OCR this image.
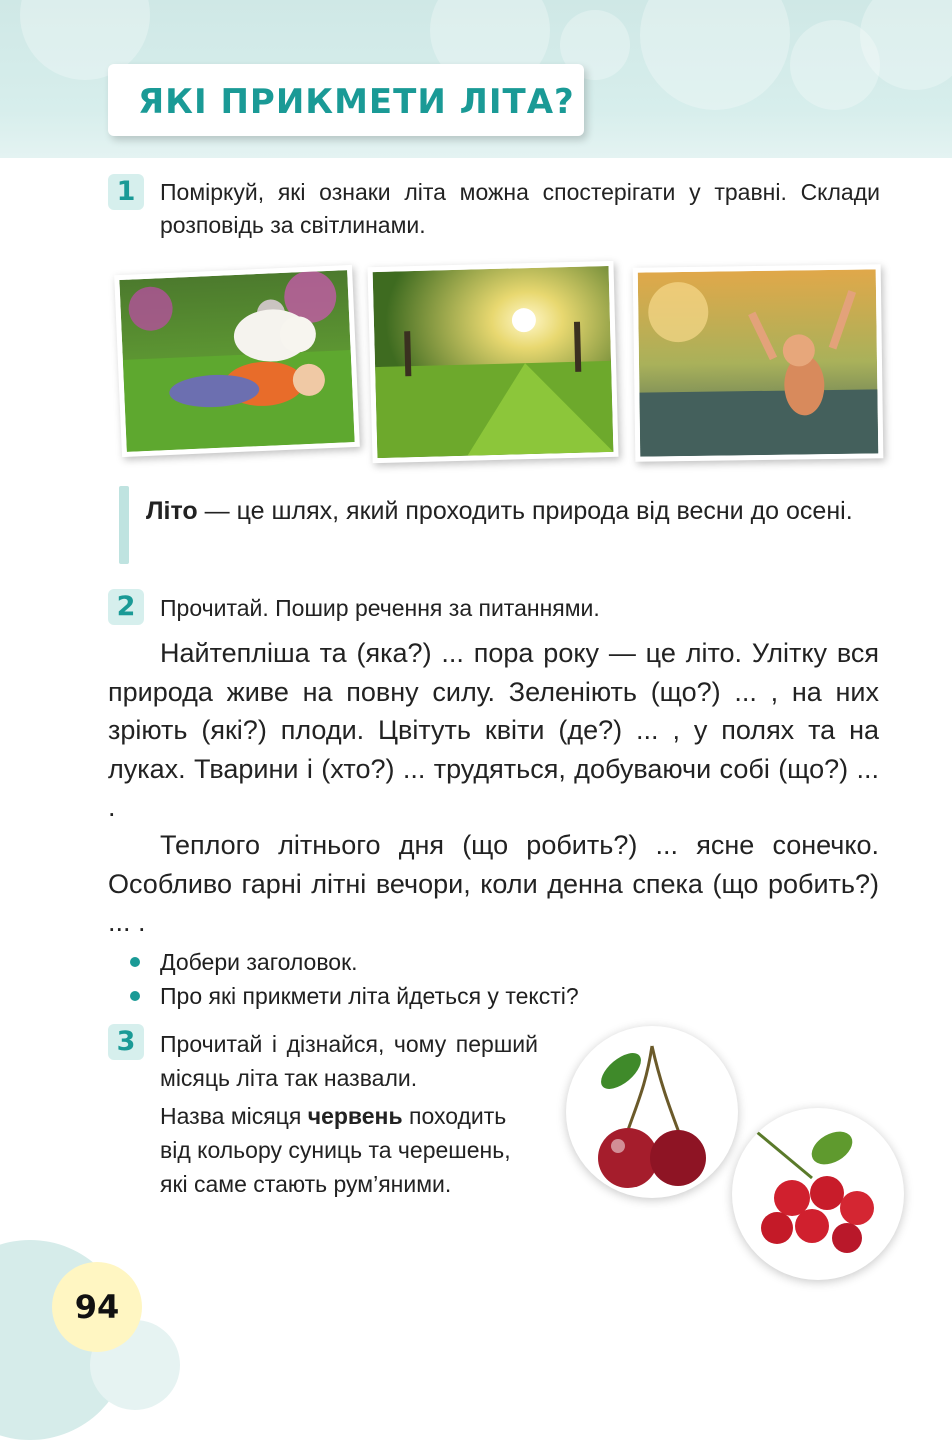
ЯКІ ПРИКМЕТИ ЛІТА?
1	Поміркуй, які ознаки літа можна спостерігати у травні. Склади розповідь за світлинами.

Літо — це шлях, який проходить природа від весни до осені.

2	Прочитай. Пошир речення за питаннями.

Найтепліша та (яка?) ... пора року — це літо. Улітку вся природа живе на повну силу. Зеленіють (що?) ... , на них зріють (які?) плоди. Цвітуть квіти (де?) ... , у полях та на луках. Тварини і (хто?) ... трудяться, добуваючи собі (що?) ... .

Теплого літнього дня (що робить?) ... ясне сонечко. Особливо гарні літні вечори, коли денна спека (що робить?) ... .

Добери заголовок.
Про які прикмети літа йдеться у тексті?
3	Прочитай і дізнайся, чому перший місяць літа так назвали.

Назва місяця червень походить від кольору суниць та черешень, які саме стають рум’яними.

94
